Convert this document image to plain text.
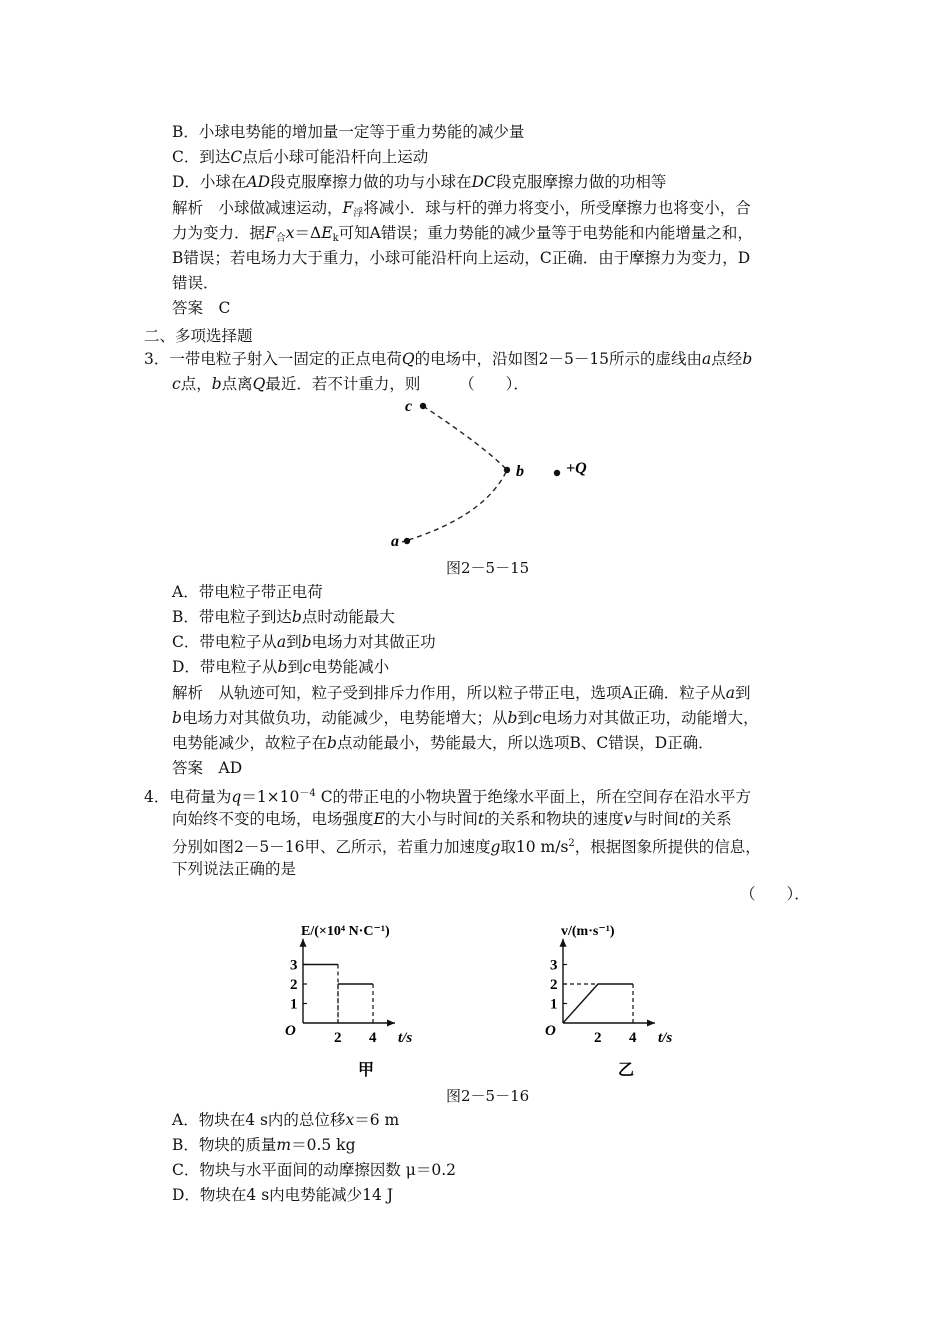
B．小球电势能的增加量一定等于重力势能的减少量
C．到达C点后小球可能沿杆向上运动
D．小球在AD段克服摩擦力做的功与小球在DC段克服摩擦力做的功相等
解析　小球做减速运动，$F_浮$将减小．球与杆的弹力将变小，所受摩擦力也将变小，合
力为变力．据$F_合x=\Delta E_k$可知A错误；重力势能的减少量等于电势能和内能增量之和，
B错误；若电场力大于重力，小球可能沿杆向上运动，C正确．由于摩擦力为变力，D
错误．
答案　C
二、多项选择题
3．一带电粒子射入一固定的正点电荷Q的电场中，沿如图2－5－15所示的虚线由a点经b
c点，b点离Q最近．若不计重力，则　　　（　　）．
c
b
a
+Q
图2－5－15
A．带电粒子带正电荷
B．带电粒子到达b点时动能最大
C．带电粒子从a到b电场力对其做正功
D．带电粒子从b到c电势能减小
解析　从轨迹可知，粒子受到排斥力作用，所以粒子带正电，选项A正确．粒子从a到
b电场力对其做负功，动能减少，电势能增大；从b到c电场力对其做正功，动能增大，
电势能减少，故粒子在b点动能最小，势能最大，所以选项B、C错误，D正确．
答案　AD
4．电荷量为$q=1\times 10^{-4}$ C的带正电的小物块置于绝缘水平面上，所在空间存在沿水平方
向始终不变的电场，电场强度E的大小与时间t的关系和物块的速度v与时间t的关系
分别如图2－5－16甲、乙所示，若重力加速度g取10 $m/s^2$，根据图象所提供的信息，
下列说法正确的是
（　　）．
1
2
3
2 4
O
E/(×10⁴ N·C⁻¹)
t/s
甲
1
2
3
2 4
O
v/(m·s⁻¹)
t/s
乙
图2－5－16
A．物块在4 s内的总位移x＝6 m
B．物块的质量m＝0.5 kg
C．物块与水平面间的动摩擦因数 μ＝0.2
D．物块在4 s内电势能减少14 J
